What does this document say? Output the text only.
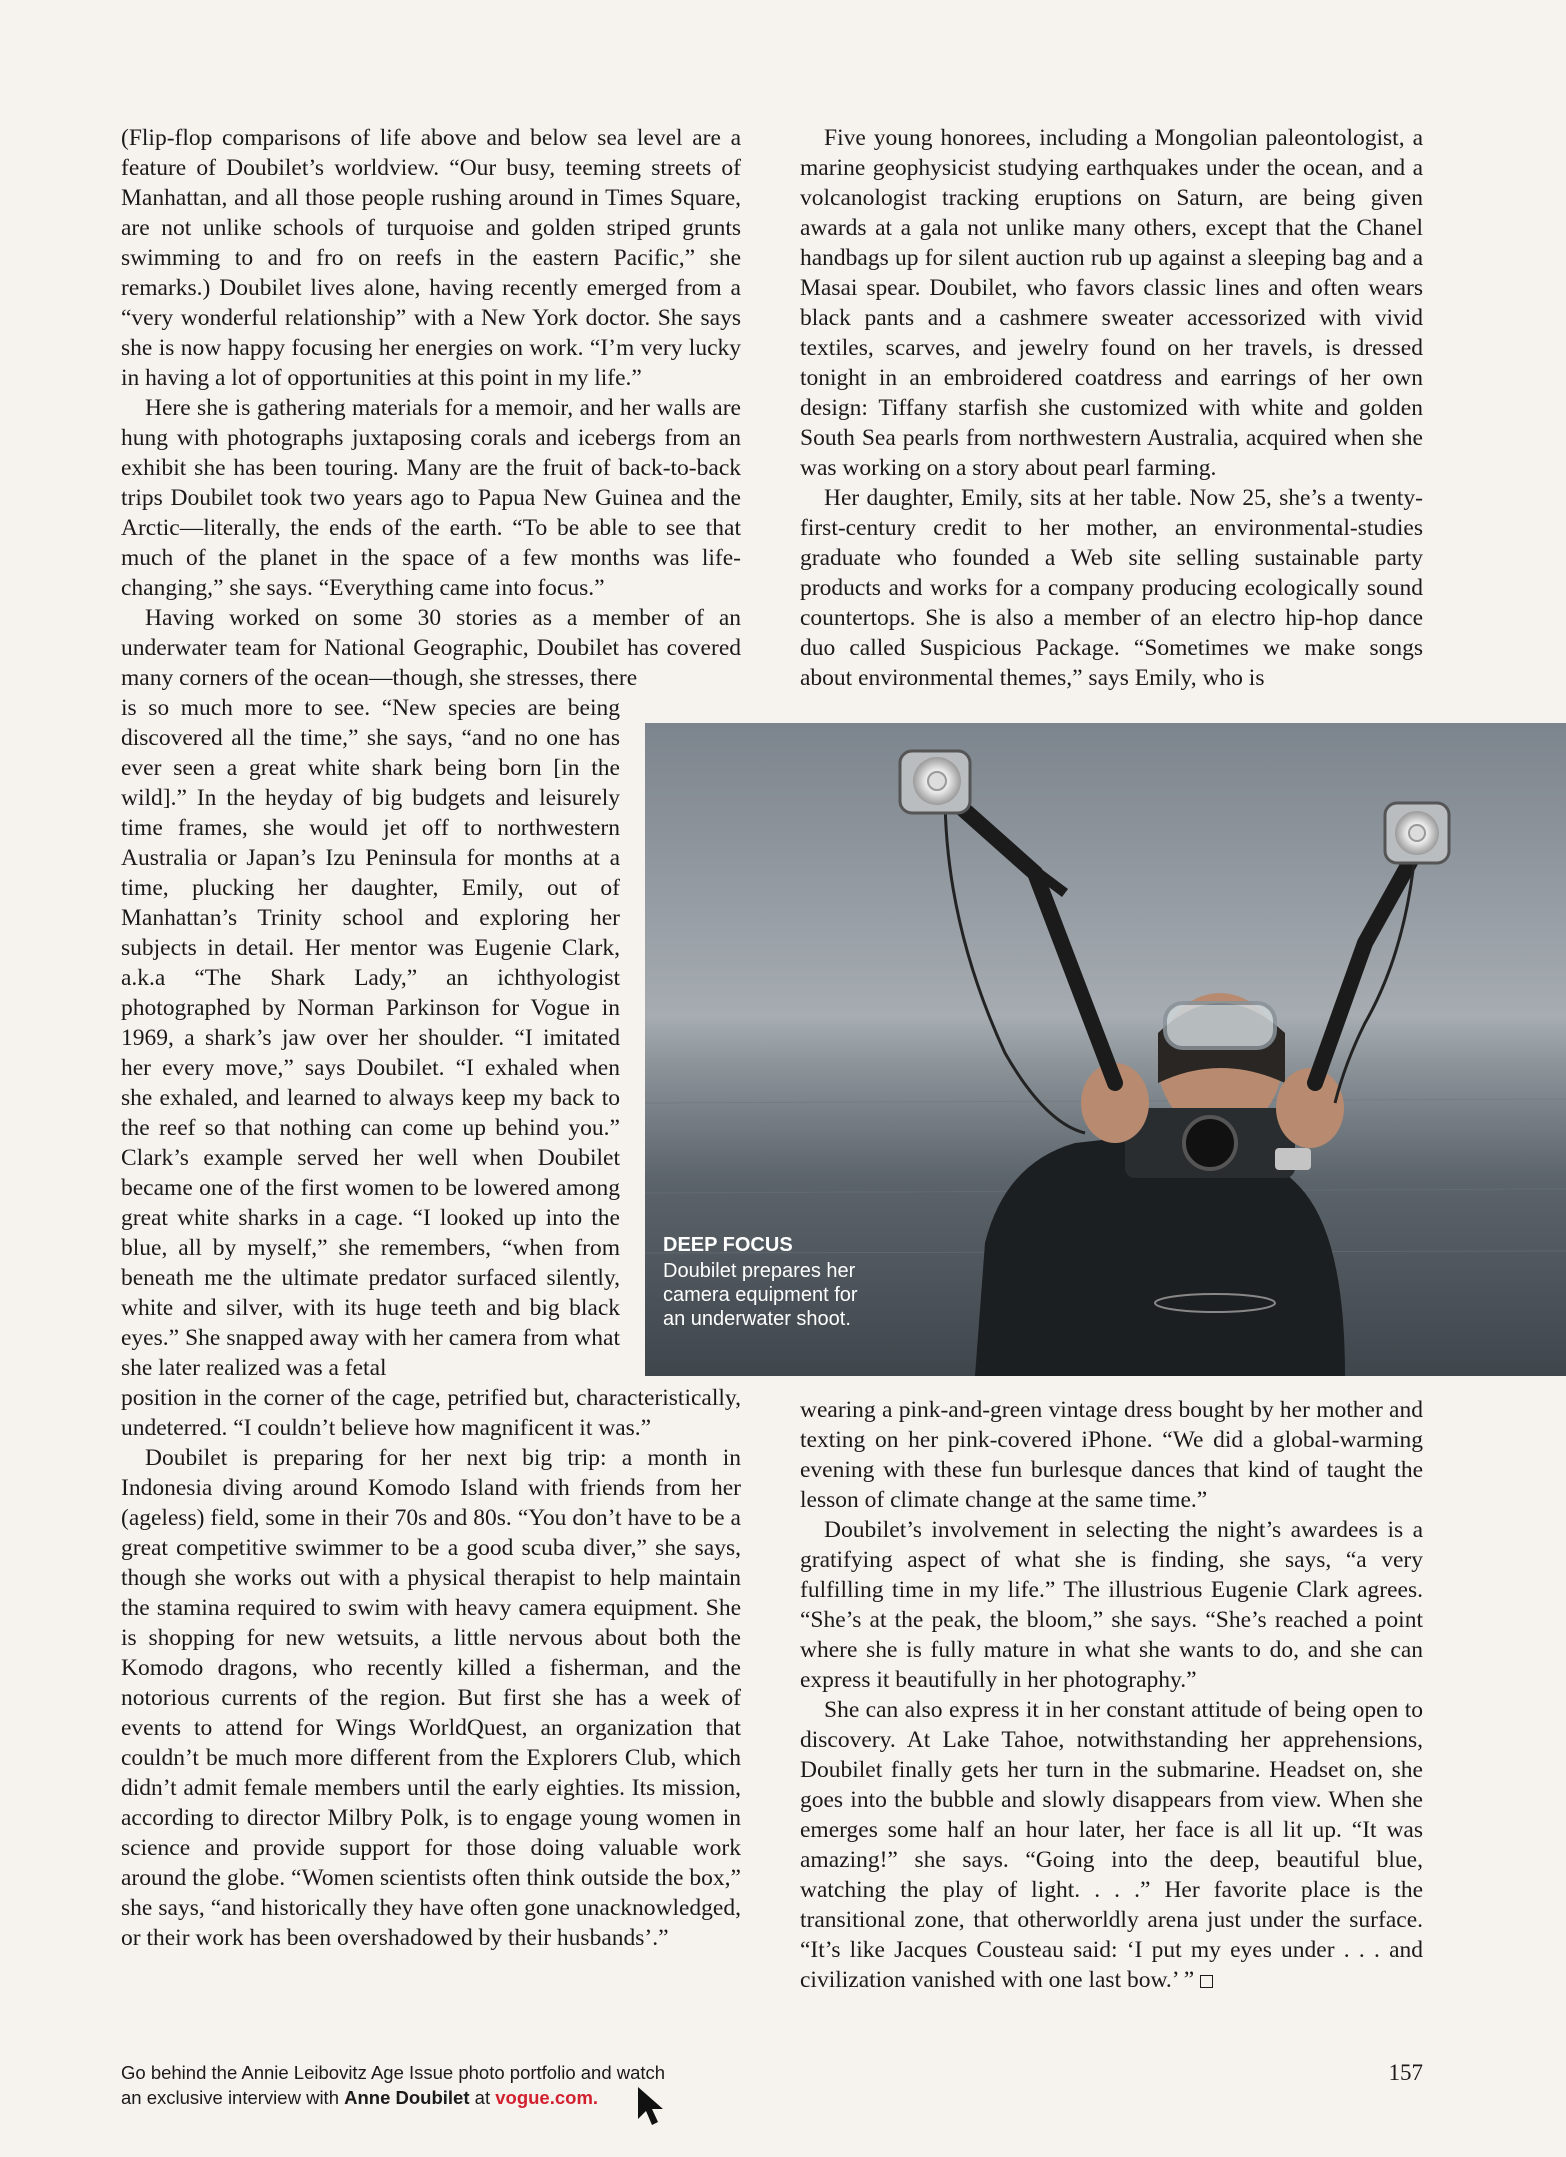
(Flip-flop comparisons of life above and below sea level are a feature of Doubilet’s worldview. “Our busy, teeming streets of Manhattan, and all those people rushing around in Times Square, are not unlike schools of turquoise and golden striped grunts swimming to and fro on reefs in the eastern Pacific,” she remarks.) Doubilet lives alone, having recently emerged from a “very wonderful relationship” with a New York doctor. She says she is now happy focusing her energies on work. “I’m very lucky in having a lot of opportunities at this point in my life.”

Here she is gathering materials for a memoir, and her walls are hung with photographs juxtaposing corals and icebergs from an exhibit she has been touring. Many are the fruit of back-to-back trips Doubilet took two years ago to Papua New Guinea and the Arctic—literally, the ends of the earth. “To be able to see that much of the planet in the space of a few months was life-changing,” she says. “Everything came into focus.”

Having worked on some 30 stories as a member of an underwater team for National Geographic, Doubilet has covered many corners of the ocean—though, she stresses, there

is so much more to see. “New species are being discovered all the time,” she says, “and no one has ever seen a great white shark being born [in the wild].” In the heyday of big budgets and leisurely time frames, she would jet off to northwestern Australia or Japan’s Izu Peninsula for months at a time, plucking her daughter, Emily, out of Manhattan’s Trinity school and exploring her subjects in detail. Her mentor was Eugenie Clark, a.k.a “The Shark Lady,” an ichthyologist photographed by Norman Parkinson for Vogue in 1969, a shark’s jaw over her shoulder. “I imitated her every move,” says Doubilet. “I exhaled when she exhaled, and learned to always keep my back to the reef so that nothing can come up behind you.” Clark’s example served her well when Doubilet became one of the first women to be lowered among great white sharks in a cage. “I looked up into the blue, all by myself,” she remembers, “when from beneath me the ultimate predator surfaced silently, white and silver, with its huge teeth and big black eyes.” She snapped away with her camera from what she later realized was a fetal

position in the corner of the cage, petrified but, characteristically, undeterred. “I couldn’t believe how magnificent it was.”

Doubilet is preparing for her next big trip: a month in Indonesia diving around Komodo Island with friends from her (ageless) field, some in their 70s and 80s. “You don’t have to be a great competitive swimmer to be a good scuba diver,” she says, though she works out with a physical therapist to help maintain the stamina required to swim with heavy camera equipment. She is shopping for new wetsuits, a little nervous about both the Komodo dragons, who recently killed a fisherman, and the notorious currents of the region. But first she has a week of events to attend for Wings WorldQuest, an organization that couldn’t be much more different from the Explorers Club, which didn’t admit female members until the early eighties. Its mission, according to director Milbry Polk, is to engage young women in science and provide support for those doing valuable work around the globe. “Women scientists often think outside the box,” she says, “and historically they have often gone unacknowledged, or their work has been overshadowed by their husbands’.”

Five young honorees, including a Mongolian paleontologist, a marine geophysicist studying earthquakes under the ocean, and a volcanologist tracking eruptions on Saturn, are being given awards at a gala not unlike many others, except that the Chanel handbags up for silent auction rub up against a sleeping bag and a Masai spear. Doubilet, who favors classic lines and often wears black pants and a cashmere sweater accessorized with vivid textiles, scarves, and jewelry found on her travels, is dressed tonight in an embroidered coatdress and earrings of her own design: Tiffany starfish she customized with white and golden South Sea pearls from northwestern Australia, acquired when she was working on a story about pearl farming.

Her daughter, Emily, sits at her table. Now 25, she’s a twenty-first-century credit to her mother, an environmental-studies graduate who founded a Web site selling sustainable party products and works for a company producing ecologically sound countertops. She is also a member of an electro hip-hop dance duo called Suspicious Package. “Sometimes we make songs about environmental themes,” says Emily, who is

wearing a pink-and-green vintage dress bought by her mother and texting on her pink-covered iPhone. “We did a global-warming evening with these fun burlesque dances that kind of taught the lesson of climate change at the same time.”

Doubilet’s involvement in selecting the night’s awardees is a gratifying aspect of what she is finding, she says, “a very fulfilling time in my life.” The illustrious Eugenie Clark agrees. “She’s at the peak, the bloom,” she says. “She’s reached a point where she is fully mature in what she wants to do, and she can express it beautifully in her photography.”

She can also express it in her constant attitude of being open to discovery. At Lake Tahoe, notwithstanding her apprehensions, Doubilet finally gets her turn in the submarine. Headset on, she goes into the bubble and slowly disappears from view. When she emerges some half an hour later, her face is all lit up. “It was amazing!” she says. “Going into the deep, beautiful blue, watching the play of light. . . .” Her favorite place is the transitional zone, that otherworldly arena just under the surface. “It’s like Jacques Cousteau said: ‘I put my eyes under . . . and civilization vanished with one last bow.’ ”

DEEP FOCUS
Doubilet prepares her camera equipment for an underwater shoot.
Go behind the Annie Leibovitz Age Issue photo portfolio and watch
an exclusive interview with Anne Doubilet at vogue.com.
157
